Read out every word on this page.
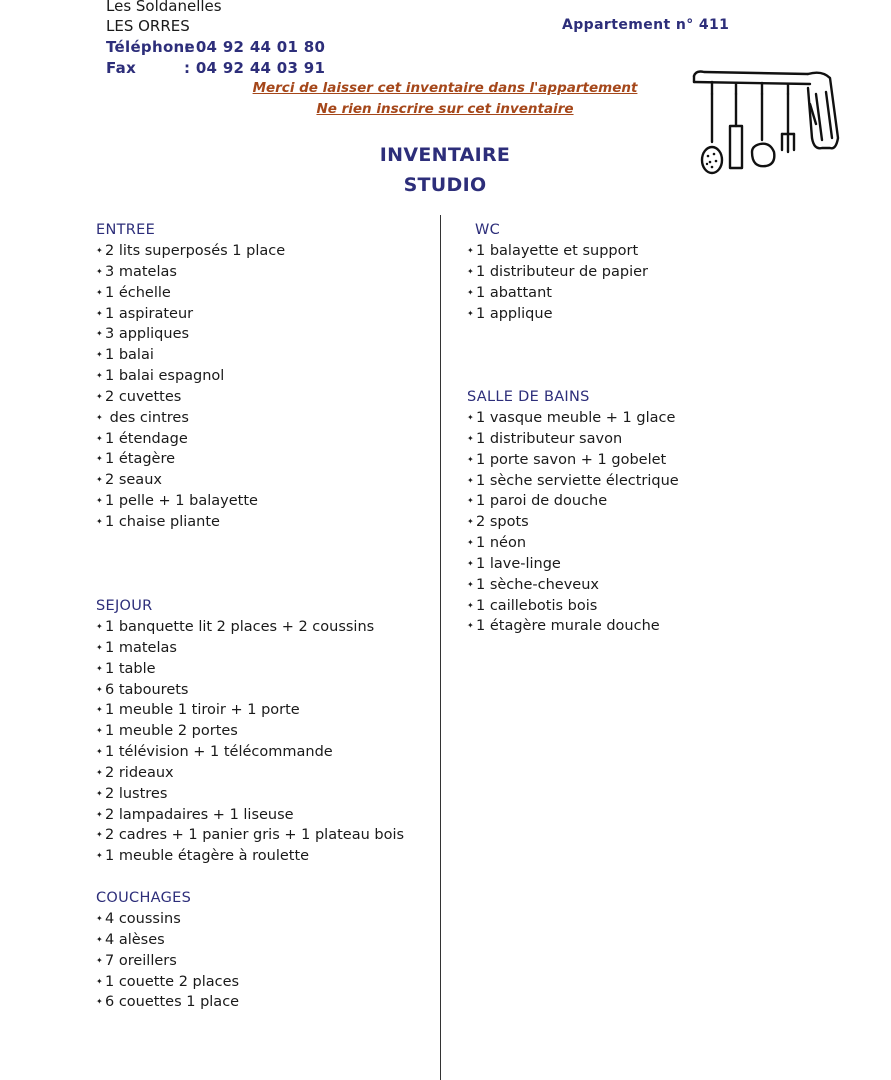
Les Soldanelles
LES ORRES
Téléphone: 04 92 44 01 80
Fax	: 04 92 44 03 91
Appartement n° 411
Merci de laisser cet inventaire dans l'appartement
Ne rien inscrire sur cet inventaire
INVENTAIRE
STUDIO
ENTREE
✦ 2 lits superposés 1 place
✦ 3 matelas
✦ 1 échelle
✦ 1 aspirateur
✦ 3 appliques
✦ 1 balai
✦ 1 balai espagnol
✦ 2 cuvettes
✦ des cintres
✦ 1 étendage
✦ 1 étagère
✦ 2 seaux
✦ 1 pelle + 1 balayette
✦ 1 chaise pliante
SEJOUR
✦ 1 banquette lit 2 places + 2 coussins
✦ 1 matelas
✦ 1 table
✦ 6 tabourets
✦ 1 meuble 1 tiroir + 1 porte
✦ 1 meuble 2 portes
✦ 1 télévision + 1 télécommande
✦ 2 rideaux
✦ 2 lustres
✦ 2 lampadaires + 1 liseuse
✦ 2 cadres + 1 panier gris + 1 plateau bois
✦ 1 meuble étagère à roulette
COUCHAGES
✦ 4 coussins
✦ 4 alèses
✦ 7 oreillers
✦ 1 couette 2 places
✦ 6 couettes 1 place
WC
✦ 1 balayette et support
✦ 1 distributeur de papier
✦ 1 abattant
✦ 1 applique
SALLE DE BAINS
✦ 1 vasque meuble + 1 glace
✦ 1 distributeur savon
✦ 1 porte savon + 1 gobelet
✦ 1 sèche serviette électrique
✦ 1 paroi de douche
✦ 2 spots
✦ 1 néon
✦ 1 lave-linge
✦ 1 sèche-cheveux
✦ 1 caillebotis bois
✦ 1 étagère murale douche
